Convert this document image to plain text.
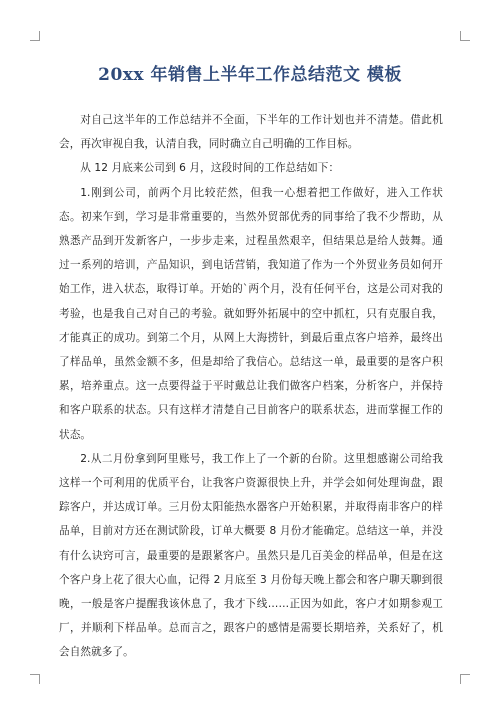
20xx 年销售上半年工作总结范文 模板

对自己这半年的工作总结并不全面，下半年的工作计划也并不清楚。借此机会，再次审视自我，认清自我，同时确立自己明确的工作目标。

从 12 月底来公司到 6 月，这段时间的工作总结如下：

1.刚到公司，前两个月比较茫然，但我一心想着把工作做好，进入工作状态。初来乍到，学习是非常重要的，当然外贸部优秀的同事给了我不少帮助，从熟悉产品到开发新客户，一步步走来，过程虽然艰辛，但结果总是给人鼓舞。通过一系列的培训，产品知识，到电话营销，我知道了作为一个外贸业务员如何开始工作，进入状态，取得订单。开始的`两个月，没有任何平台，这是公司对我的考验，也是我自己对自己的考验。就如野外拓展中的空中抓杠，只有克服自我，才能真正的成功。到第二个月，从网上大海捞针，到最后重点客户培养，最终出了样品单，虽然金额不多，但是却给了我信心。总结这一单，最重要的是客户积累，培养重点。这一点要得益于平时戴总让我们做客户档案，分析客户，并保持和客户联系的状态。只有这样才清楚自己目前客户的联系状态，进而掌握工作的状态。

2.从二月份拿到阿里账号，我工作上了一个新的台阶。这里想感谢公司给我这样一个可利用的优质平台，让我客户资源很快上升，并学会如何处理询盘，跟踪客户，并达成订单。三月份太阳能热水器客户开始积累，并取得南非客户的样品单，目前对方还在测试阶段，订单大概要 8 月份才能确定。总结这一单，并没有什么诀窍可言，最重要的是跟紧客户。虽然只是几百美金的样品单，但是在这个客户身上花了很大心血，记得 2 月底至 3 月份每天晚上都会和客户聊天聊到很晚，一般是客户提醒我该休息了，我才下线……正因为如此，客户才如期参观工厂，并顺利下样品单。总而言之，跟客户的感情是需要长期培养，关系好了，机会自然就多了。
